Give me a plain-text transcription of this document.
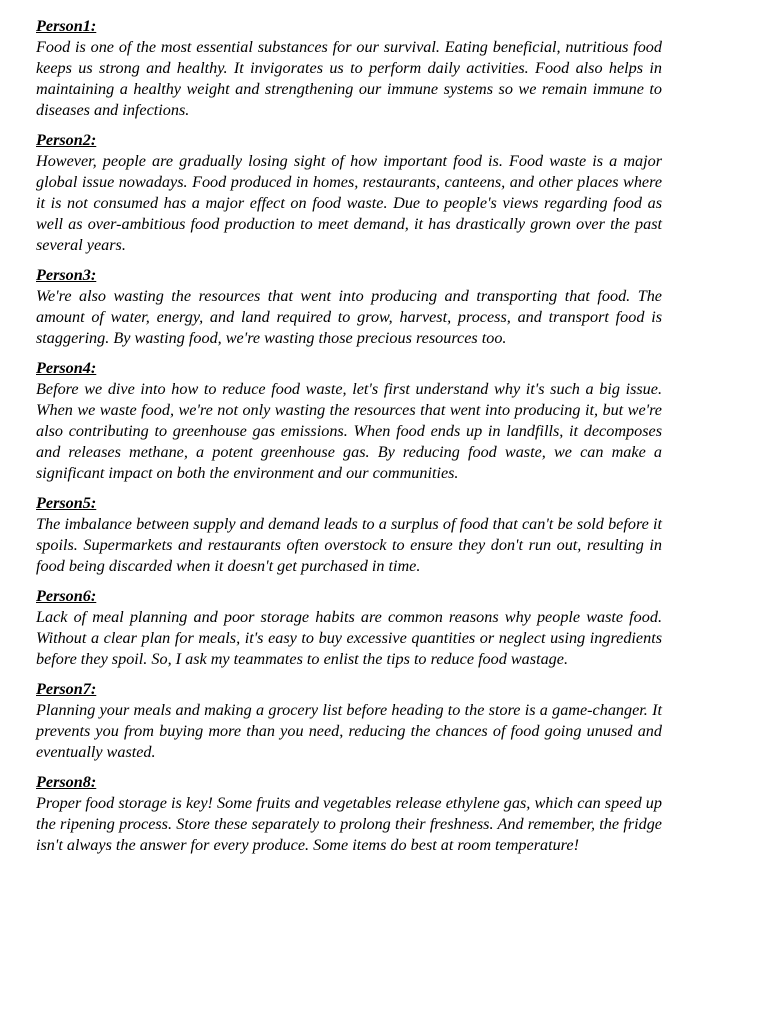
Person1:
Food is one of the most essential substances for our survival. Eating beneficial, nutritious food keeps us strong and healthy. It invigorates us to perform daily activities. Food also helps in maintaining a healthy weight and strengthening our immune systems so we remain immune to diseases and infections.
Person2:
However, people are gradually losing sight of how important food is. Food waste is a major global issue nowadays. Food produced in homes, restaurants, canteens, and other places where it is not consumed has a major effect on food waste. Due to people's views regarding food as well as over-ambitious food production to meet demand, it has drastically grown over the past several years.
Person3:
We're also wasting the resources that went into producing and transporting that food. The amount of water, energy, and land required to grow, harvest, process, and transport food is staggering. By wasting food, we're wasting those precious resources too.
Person4:
Before we dive into how to reduce food waste, let's first understand why it's such a big issue. When we waste food, we're not only wasting the resources that went into producing it, but we're also contributing to greenhouse gas emissions. When food ends up in landfills, it decomposes and releases methane, a potent greenhouse gas. By reducing food waste, we can make a significant impact on both the environment and our communities.
Person5:
The imbalance between supply and demand leads to a surplus of food that can't be sold before it spoils. Supermarkets and restaurants often overstock to ensure they don't run out, resulting in food being discarded when it doesn't get purchased in time.
Person6:
Lack of meal planning and poor storage habits are common reasons why people waste food. Without a clear plan for meals, it's easy to buy excessive quantities or neglect using ingredients before they spoil. So, I ask my teammates to enlist the tips to reduce food wastage.
Person7:
Planning your meals and making a grocery list before heading to the store is a game-changer. It prevents you from buying more than you need, reducing the chances of food going unused and eventually wasted.
Person8:
Proper food storage is key! Some fruits and vegetables release ethylene gas, which can speed up the ripening process. Store these separately to prolong their freshness. And remember, the fridge isn't always the answer for every produce. Some items do best at room temperature!
